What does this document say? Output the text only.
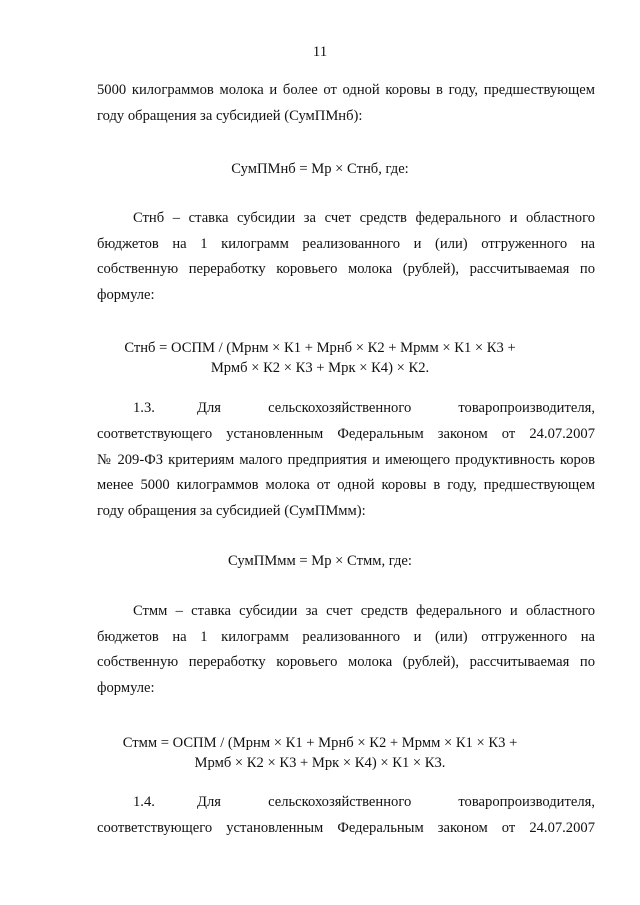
11
5000 килограммов молока и более от одной коровы в году, предшествующем
году обращения за субсидией (СумПМнб):
СумПМнб = Мр × Стнб, где:
Стнб – ставка субсидии за счет средств федерального и областного
бюджетов на 1 килограмм реализованного и (или) отгруженного на
собственную переработку коровьего молока (рублей), рассчитываемая по
формуле:
Стнб = ОСПМ / (Мрнм × К1 + Мрнб × К2 + Мрмм × К1 × К3 +
Мрмб × К2 × К3 + Мрк × К4) × К2.
1.3.	Для	сельскохозяйственного	товаропроизводителя,
соответствующего установленным Федеральным законом от 24.07.2007
№ 209-ФЗ критериям малого предприятия и имеющего продуктивность коров
менее 5000 килограммов молока от одной коровы в году, предшествующем
году обращения за субсидией (СумПМмм):
СумПМмм = Мр × Стмм, где:
Стмм – ставка субсидии за счет средств федерального и областного
бюджетов на 1 килограмм реализованного и (или) отгруженного на
собственную переработку коровьего молока (рублей), рассчитываемая по
формуле:
Стмм = ОСПМ / (Мрнм × К1 + Мрнб × К2 + Мрмм × К1 × К3 +
Мрмб × К2 × К3 + Мрк × К4) × К1 × К3.
1.4.	Для	сельскохозяйственного	товаропроизводителя,
соответствующего установленным Федеральным законом от 24.07.2007
